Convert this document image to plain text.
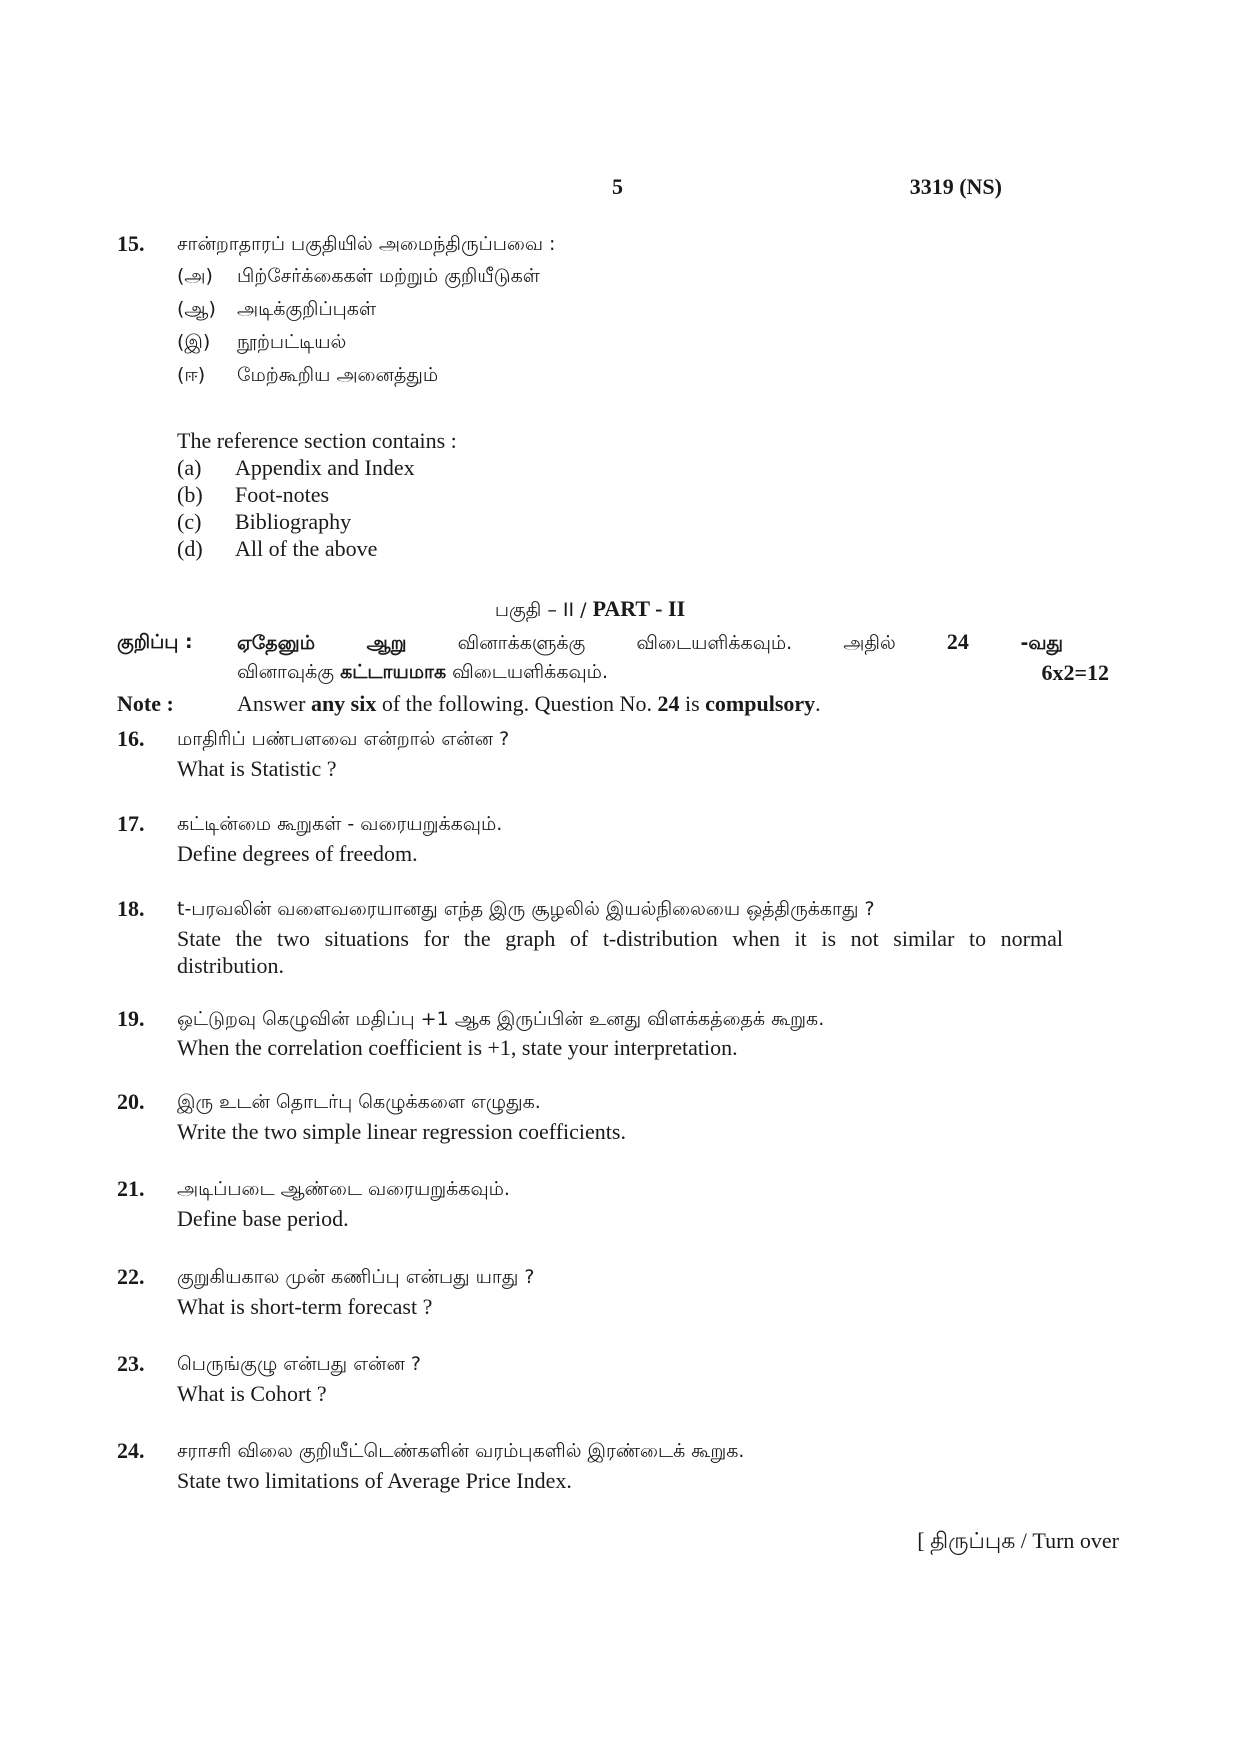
5	3319 (NS)
15. சான்றாதாரப் பகுதியில் அமைந்திருப்பவை :
(அ)	பிற்சேர்க்கைகள் மற்றும் குறியீடுகள்
(ஆ)	அடிக்குறிப்புகள்
(இ)	நூற்பட்டியல்
(ஈ)	மேற்கூறிய அனைத்தும்
The reference section contains :
(a)	Appendix and Index
(b)	Foot-notes
(c)	Bibliography
(d)	All of the above
பகுதி – II / PART - II
குறிப்பு : ஏதேனும் ஆறு வினாக்களுக்கு விடையளிக்கவும். அதில் 24 -வது
வினாவுக்கு கட்டாயமாக விடையளிக்கவும்.	6x2=12
Note :	Answer any six of the following. Question No. 24 is compulsory.
16. மாதிரிப் பண்பளவை என்றால் என்ன ?
What is Statistic ?
17. கட்டின்மை கூறுகள் - வரையறுக்கவும்.
Define degrees of freedom.
18. t-பரவலின் வளைவரையானது எந்த இரு சூழலில் இயல்நிலையை ஒத்திருக்காது ?
State the two situations for the graph of t-distribution when it is not similar to normal
distribution.
19. ஒட்டுறவு கெழுவின் மதிப்பு +1 ஆக இருப்பின் உனது விளக்கத்தைக் கூறுக.
When the correlation coefficient is +1, state your interpretation.
20. இரு உடன் தொடர்பு கெழுக்களை எழுதுக.
Write the two simple linear regression coefficients.
21. அடிப்படை ஆண்டை வரையறுக்கவும்.
Define base period.
22. குறுகியகால முன் கணிப்பு என்பது யாது ?
What is short-term forecast ?
23. பெருங்குழு என்பது என்ன ?
What is Cohort ?
24. சராசரி விலை குறியீட்டெண்களின் வரம்புகளில் இரண்டைக் கூறுக.
State two limitations of Average Price Index.
[ திருப்புக / Turn over
